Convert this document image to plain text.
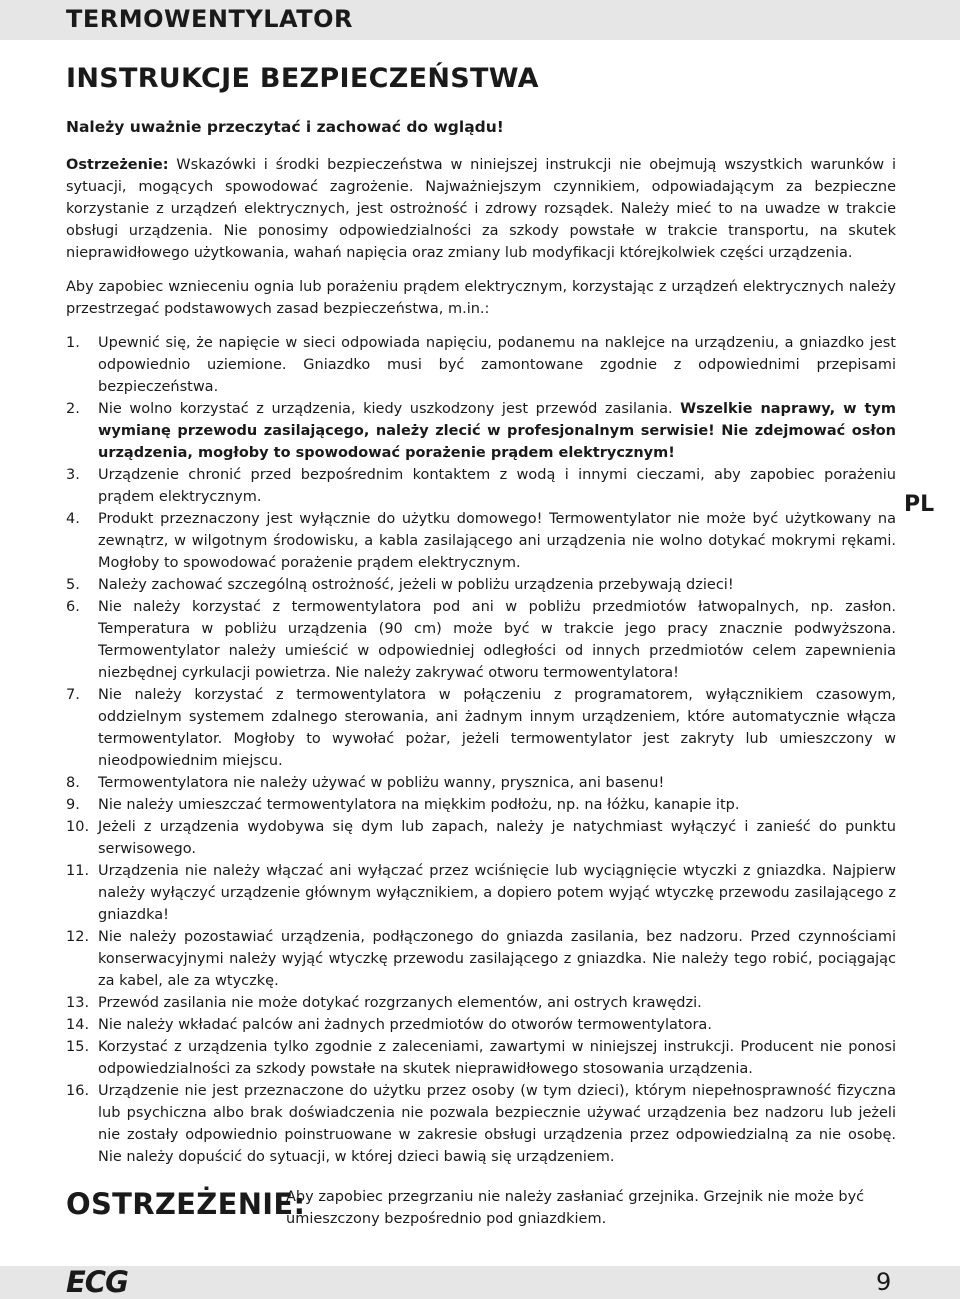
TERMOWENTYLATOR
INSTRUKCJE BEZPIECZEŃSTWA

Należy uważnie przeczytać i zachować do wglądu!

Ostrzeżenie: Wskazówki i środki bezpieczeństwa w niniejszej instrukcji nie obejmują wszystkich warunków i sytuacji, mogących spowodować zagrożenie. Najważniejszym czynnikiem, odpowiadającym za bezpieczne korzystanie z urządzeń elektrycznych, jest ostrożność i zdrowy rozsądek. Należy mieć to na uwadze w trakcie obsługi urządzenia. Nie ponosimy odpowiedzialności za szkody powstałe w trakcie transportu, na skutek nieprawidłowego użytkowania, wahań napięcia oraz zmiany lub modyfikacji którejkolwiek części urządzenia.

Aby zapobiec wznieceniu ognia lub porażeniu prądem elektrycznym, korzystając z urządzeń elektrycznych należy przestrzegać podstawowych zasad bezpieczeństwa, m.in.:

1.	Upewnić się, że napięcie w sieci odpowiada napięciu, podanemu na naklejce na urządzeniu, a gniazdko jest odpowiednio uziemione. Gniazdko musi być zamontowane zgodnie z odpowiednimi przepisami bezpieczeństwa.
2.	Nie wolno korzystać z urządzenia, kiedy uszkodzony jest przewód zasilania. Wszelkie naprawy, w tym wymianę przewodu zasilającego, należy zlecić w profesjonalnym serwisie! Nie zdejmować osłon urządzenia, mogłoby to spowodować porażenie prądem elektrycznym!
3.	Urządzenie chronić przed bezpośrednim kontaktem z wodą i innymi cieczami, aby zapobiec porażeniu prądem elektrycznym.
4.	Produkt przeznaczony jest wyłącznie do użytku domowego! Termowentylator nie może być użytkowany na zewnątrz, w wilgotnym środowisku, a kabla zasilającego ani urządzenia nie wolno dotykać mokrymi rękami. Mogłoby to spowodować porażenie prądem elektrycznym.
5.	Należy zachować szczególną ostrożność, jeżeli w pobliżu urządzenia przebywają dzieci!
6.	Nie należy korzystać z termowentylatora pod ani w pobliżu przedmiotów łatwopalnych, np. zasłon. Temperatura w pobliżu urządzenia (90 cm) może być w trakcie jego pracy znacznie podwyższona. Termowentylator należy umieścić w odpowiedniej odległości od innych przedmiotów celem zapewnienia niezbędnej cyrkulacji powietrza. Nie należy zakrywać otworu termowentylatora!
7.	Nie należy korzystać z termowentylatora w połączeniu z programatorem, wyłącznikiem czasowym, oddzielnym systemem zdalnego sterowania, ani żadnym innym urządzeniem, które automatycznie włącza termowentylator. Mogłoby to wywołać pożar, jeżeli termowentylator jest zakryty lub umieszczony w nieodpowiednim miejscu.
8.	Termowentylatora nie należy używać w pobliżu wanny, prysznica, ani basenu!
9.	Nie należy umieszczać termowentylatora na miękkim podłożu, np. na łóżku, kanapie itp.
10. Jeżeli z urządzenia wydobywa się dym lub zapach, należy je natychmiast wyłączyć i zanieść do punktu serwisowego.
11. Urządzenia nie należy włączać ani wyłączać przez wciśnięcie lub wyciągnięcie wtyczki z gniazdka. Najpierw należy wyłączyć urządzenie głównym wyłącznikiem, a dopiero potem wyjąć wtyczkę przewodu zasilającego z gniazdka!
12. Nie należy pozostawiać urządzenia, podłączonego do gniazda zasilania, bez nadzoru. Przed czynnościami konserwacyjnymi należy wyjąć wtyczkę przewodu zasilającego z gniazdka. Nie należy tego robić, pociągając za kabel, ale za wtyczkę.
13. Przewód zasilania nie może dotykać rozgrzanych elementów, ani ostrych krawędzi.
14. Nie należy wkładać palców ani żadnych przedmiotów do otworów termowentylatora.
15. Korzystać z urządzenia tylko zgodnie z zaleceniami, zawartymi w niniejszej instrukcji. Producent nie ponosi odpowiedzialności za szkody powstałe na skutek nieprawidłowego stosowania urządzenia.
16. Urządzenie nie jest przeznaczone do użytku przez osoby (w tym dzieci), którym niepełnosprawność fizyczna lub psychiczna albo brak doświadczenia nie pozwala bezpiecznie używać urządzenia bez nadzoru lub jeżeli nie zostały odpowiednio poinstruowane w zakresie obsługi urządzenia przez odpowiedzialną za nie osobę. Nie należy dopuścić do sytuacji, w której dzieci bawią się urządzeniem.
OSTRZEŻENIE:

Aby zapobiec przegrzaniu nie należy zasłaniać grzejnika. Grzejnik nie może być umieszczony bezpośrednio pod gniazdkiem.

PL
ECG	9
